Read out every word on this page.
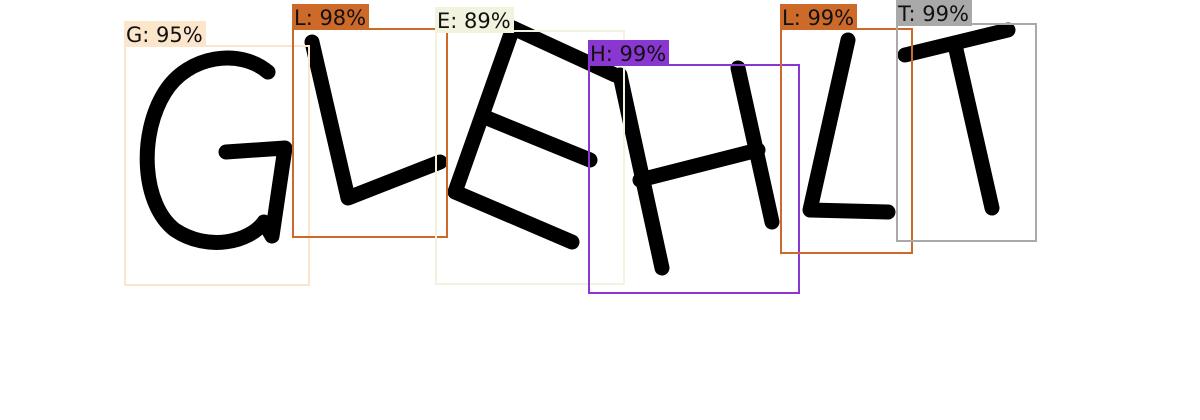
G: 95%
L: 98%	E: 89%
H: 99%
L: 99% T: 99%
